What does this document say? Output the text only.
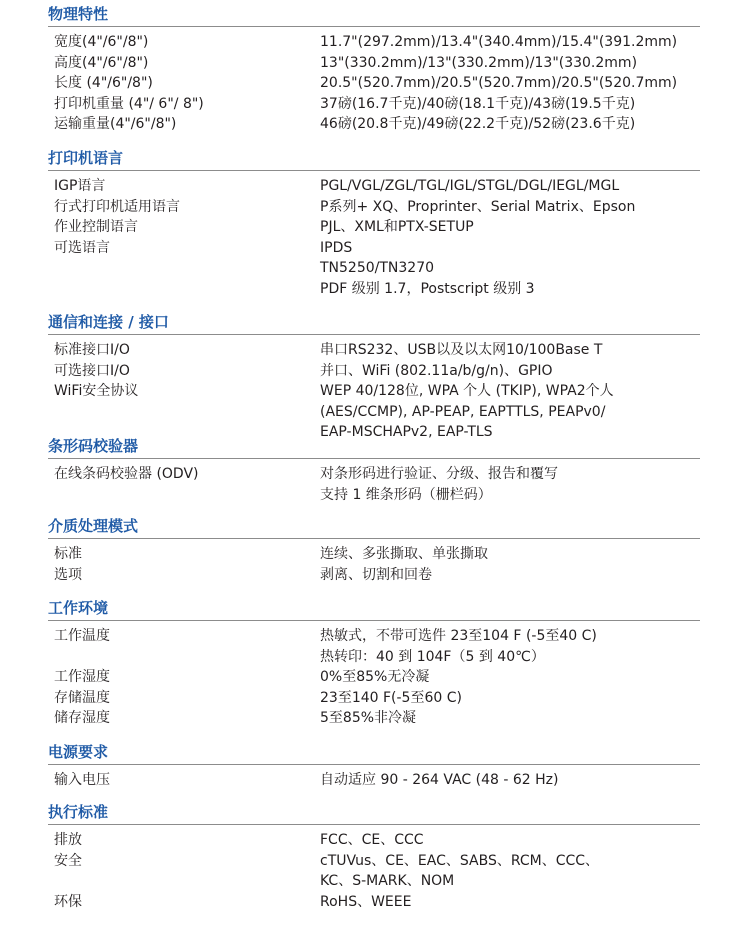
物理特性
宽度(4"/6"/8")	11.7"(297.2mm)/13.4"(340.4mm)/15.4"(391.2mm)
高度(4"/6"/8")	13"(330.2mm)/13"(330.2mm)/13"(330.2mm)
长度 (4"/6"/8")	20.5"(520.7mm)/20.5"(520.7mm)/20.5"(520.7mm)
打印机重量 (4"/ 6"/ 8")	37磅(16.7千克)/40磅(18.1千克)/43磅(19.5千克)
运输重量(4"/6"/8")	46磅(20.8千克)/49磅(22.2千克)/52磅(23.6千克)
打印机语言
IGP语言	PGL/VGL/ZGL/TGL/IGL/STGL/DGL/IEGL/MGL
行式打印机适用语言	P系列+ XQ、Proprinter、Serial Matrix、Epson
作业控制语言	PJL、XML和PTX-SETUP
可选语言	IPDS
TN5250/TN3270
PDF 级别 1.7，Postscript 级别 3
通信和连接 / 接口
标准接口I/O	串口RS232、USB以及以太网10/100Base T
可选接口I/O	并口、WiFi (802.11a/b/g/n)、GPIO
WiFi安全协议	WEP 40/128位, WPA 个人 (TKIP), WPA2个人
(AES/CCMP), AP-PEAP, EAPTTLS, PEAPv0/
EAP-MSCHAPv2, EAP-TLS
条形码校验器
在线条码校验器 (ODV)	对条形码进行验证、分级、报告和覆写
支持 1 维条形码（栅栏码）
介质处理模式
标准	连续、多张撕取、单张撕取
选项	剥离、切割和回卷
工作环境
工作温度	热敏式，不带可选件 23至104 F (-5至40 C)
热转印：40 到 104F（5 到 40℃）
工作湿度	0%至85%无冷凝
存储温度	23至140 F(-5至60 C)
储存湿度	5至85%非冷凝
电源要求
输入电压	自动适应 90 - 264 VAC (48 - 62 Hz)
执行标准
排放	FCC、CE、CCC
安全	cTUVus、CE、EAC、SABS、RCM、CCC、
KC、S-MARK、NOM
环保	RoHS、WEEE
